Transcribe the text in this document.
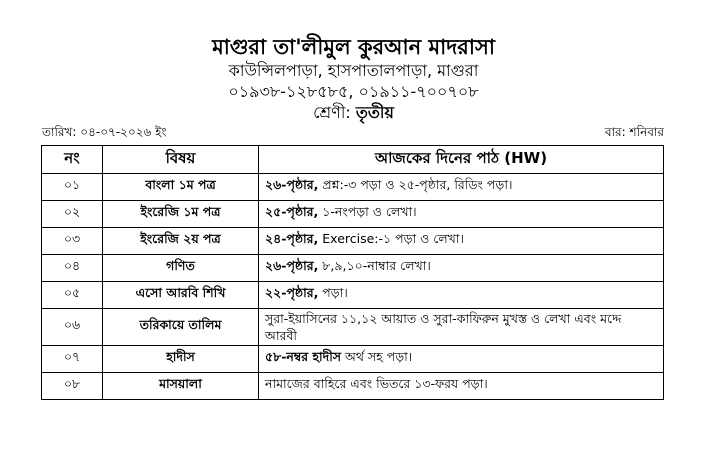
মাগুরা তা'লীমুল কুরআন মাদরাসা

কাউন্সিলপাড়া, হাসপাতালপাড়া, মাগুরা

০১৯৩৮-১২৮৫৮৫, ০১৯১১-৭০০৭০৮

শ্রেণী: তৃতীয়

তারিখ: ০৪-০৭-২০২৬ ইং	বার: শনিবার
নং	বিষয়	আজকের দিনের পাঠ (HW)
০১	বাংলা ১ম পত্র	২৬-পৃষ্ঠার, প্রশ্ন:-৩ পড়া ও ২৫-পৃষ্ঠার, রিডিং পড়া।
০২	ইংরেজি ১ম পত্র	২৫-পৃষ্ঠার, ১-নংপড়া ও লেখা।
০৩	ইংরেজি ২য় পত্র	২৪-পৃষ্ঠার, Exercise:-১ পড়া ও লেখা।
০৪	গণিত	২৬-পৃষ্ঠার, ৮,৯,১০-নাম্বার লেখা।
০৫	এসো আরবি শিখি	২২-পৃষ্ঠার, পড়া।
০৬	তরিকায়ে তালিম	সুরা-ইয়াসিনের ১১,১২ আয়াত ও সুরা-কাফিরুন মুখস্ত ও লেখা এবং মদ্দে আরবী
০৭	হাদীস	৫৮-নম্বর হাদীস অর্থ সহ পড়া।
০৮	মাসয়ালা	নামাজের বাহিরে এবং ভিতরে ১৩-ফরয পড়া।
